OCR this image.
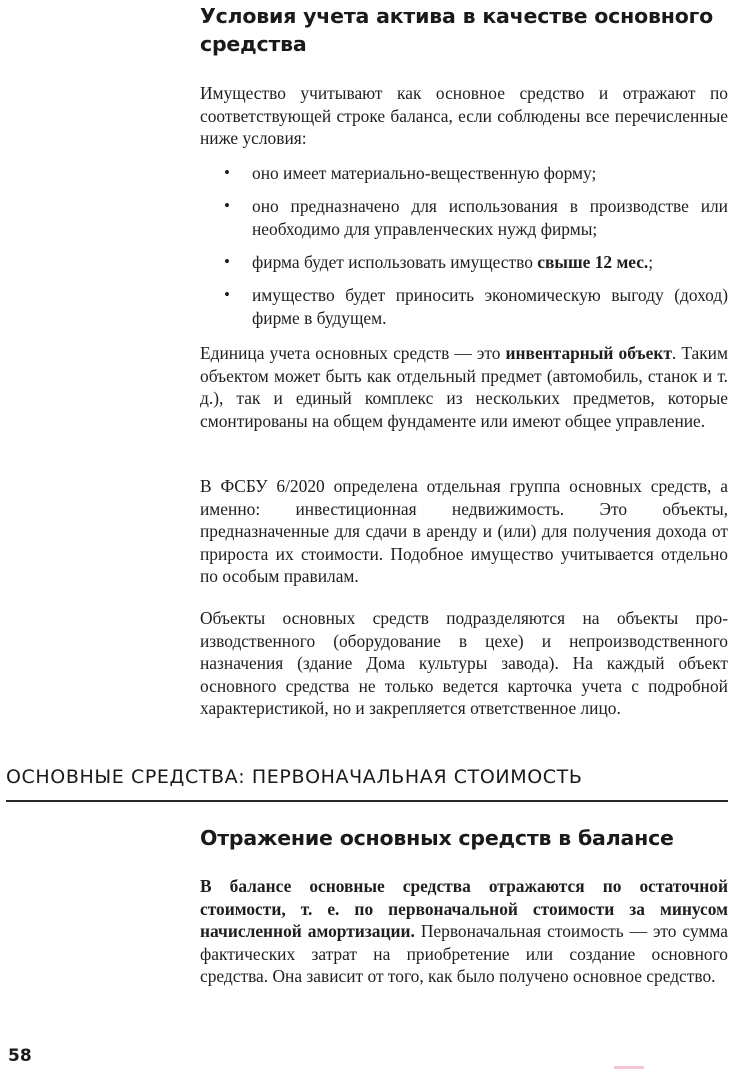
Условия учета актива в качестве основного средства

Имущество учитывают как основное средство и отражают по соответствующей строке баланса, если соблюдены все перечисленные ниже условия:

• оно имеет материально-вещественную форму;
• оно предназначено для использования в производстве или необходимо для управленческих нужд фирмы;
• фирма будет использовать имущество свыше 12 мес.;
• имущество будет приносить экономическую выгоду (доход) фирме в будущем.

Единица учета основных средств — это инвентарный объект. Таким объектом может быть как отдельный предмет (автомобиль, станок и т. д.), так и единый комплекс из нескольких предметов, которые смонтированы на общем фундаменте или имеют общее управление.

В ФСБУ 6/2020 определена отдельная группа основных средств, а именно: инвестиционная недвижимость. Это объекты, предназначенные для сдачи в аренду и (или) для получения дохода от прироста их стоимости. Подобное имущество учитывается отдельно по особым правилам.

Объекты основных средств подразделяются на объекты производственного (оборудование в цехе) и непроизводственного назначения (здание Дома культуры завода). На каждый объект основного средства не только ведется карточка учета с подробной характеристикой, но и закрепляется ответственное лицо.

ОСНОВНЫЕ СРЕДСТВА: ПЕРВОНАЧАЛЬНАЯ СТОИМОСТЬ
Отражение основных средств в балансе

В балансе основные средства отражаются по остаточной стоимости, т. е. по первоначальной стоимости за минусом начисленной амортизации. Первоначальная стоимость — это сумма фактических затрат на приобретение или создание основного средства. Она зависит от того, как было получено основное средство.

58
